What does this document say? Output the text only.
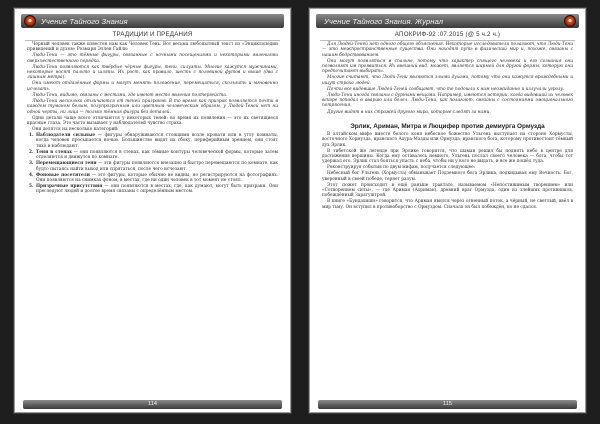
Учение Тайного Знания
ТРАДИЦИИ И ПРЕДАНИЯ

Черный человек также известен нам как Человек Тень. Вот весьма любопытный текст из «Энциклопедии привидений и духов» Розмари Эллен Гайли:

Люди-Тени — это тёмные фигуры, связанные с ночными посещениями и некоторыми явлениями сверхъестественного порядка.

Люди-Тени появляются как твёрдые чёрные фигуры, тени, силуэты. Многие кажутся мужчинами, некоторые носят пальто и шляпы. Их рост, как правило, шесть с половиной футов и выше (два с лишним метра).

Они имеют отдалённые формы и могут менять положение, перемещаться, скользить и мгновенно исчезать.

Люди-Тени, видимо, связаны с местами, где имеют место явления полтергейста.

Люди-Тени несколько отличаются от теней призраков. В то время как призрак появляется почти в каждом туманом белым, полупрозрачным или цветным человеческим образом, у Людей-Теней нет ни одной черты, ни лица — только тёмная фигура без деталей.

Одни детали чаще всего отличаются у некоторых теней: во время их появления — это их светящиеся красные глаза. Это часто вызывает у наблюдателей чувство страха.

Они делятся на несколько категорий:

1. Наблюдатели сильные — фигуры обнаруживаются стоящими возле кровати или в углу комнаты, когда человек просыпается ночью. Большинство видят их сбоку, периферийным зрением, они стоят тихо и наблюдают.

2. Тени в стенах — они появляются в стенах, как тёмные контуры человеческой формы, которые затем отделяются и движутся по комнате.

3. Перемещающиеся тени — эти фигуры появляются внезапно и быстро перемещаются по комнате, как будто пытаясь найти выход или спрятаться, после чего исчезают.

4. Фоновые посетители — это фигуры, которые обычно не видны, но регистрируются на фотографиях. Они появляются на снимках фоном, в местах, где ни один человек в тот момент не стоял.

5. Призрачные присутствия — они появляются в местах, где, как думают, могут быть призраки. Они преследуют людей и долгое время связаны с определённым местом.

114
Учение Тайного Знания. Журнал
АПОКРИФ-92 :07.2015 (@ 5 ч.2 ч.)

Для Людей-Теней нет одного общего объяснения. Некоторые исследователи полагают, что Люди-Тени — это межпространственные существа. Они находят путь в физический мир и, похоже, связаны с нашим бодрствованием.

Они могут появляться в спальне, потому что характер спящего человека и его сознания они позволяют им проявиться. Их внешний вид, может, является ширмой для другой формы, которую они предпочитают выбирать.

Многие считают, что Люди-Тени являются злыми духами, потому что они кажутся враждебными и ищут страха людей.

Почти все видевшие Людей-Теней сообщают, что те подошли к ним неожиданно и излучали угрозу.

Люди-Тени иногда связаны с дурными вещами. Например, имеются истории, когда видевший их человек вскоре попадал в аварию или болел. Люди-Тени, как полагают, связаны с состояниями эмоционального потрясения.

Другие видят в них стражей другого мира, которые следят за нами.

Эрлик, Ариман, Митра и Люцифер против демиурга Ормузда

В алтайском мифе вместе белого коня небесное божество Ульгень выступает на стороне Хормусты, восточного Хормузда, иранского Ахура-Мазды или Ормузда, иранского бога, которому противостоит тёмный дух Эрлик.

В тибетской же легенде при Эрлике говорится, что шаман решил бы поднять небо в центре для достижения вершины. Когда ему оставалось немного, Ульгень послал своего человека — бога, чтобы тот удержал его. Эрлик стал бояться упасть с неба, чтобы ни у кого не выдать, и все же пошёл туда.

Реконструируя события по двум мифам, получается следующее:

Небесный бог Ульгень (Хормуста) обманывает Подземного бога Эрлика, подкидывая ему Вечность. Бог, уверенный в своей победе, теряет разум.

Этот сюжет происходит в ещё раньше трактате, называемом «Непостижимым творением» или «Сотворением силы», — где Ариман (Ахриман), древний враг Ормузда, один из злейших противников, побеждённый Заратуштрой.

В книге «Бундахишн» говорится, что Ариман явился через огненный поток, а чёрный, не светлый, ввёл в мир тьму. Он вступил в противоборство с Ормуздом. Сначала он был побеждён, но не сдался.

115
